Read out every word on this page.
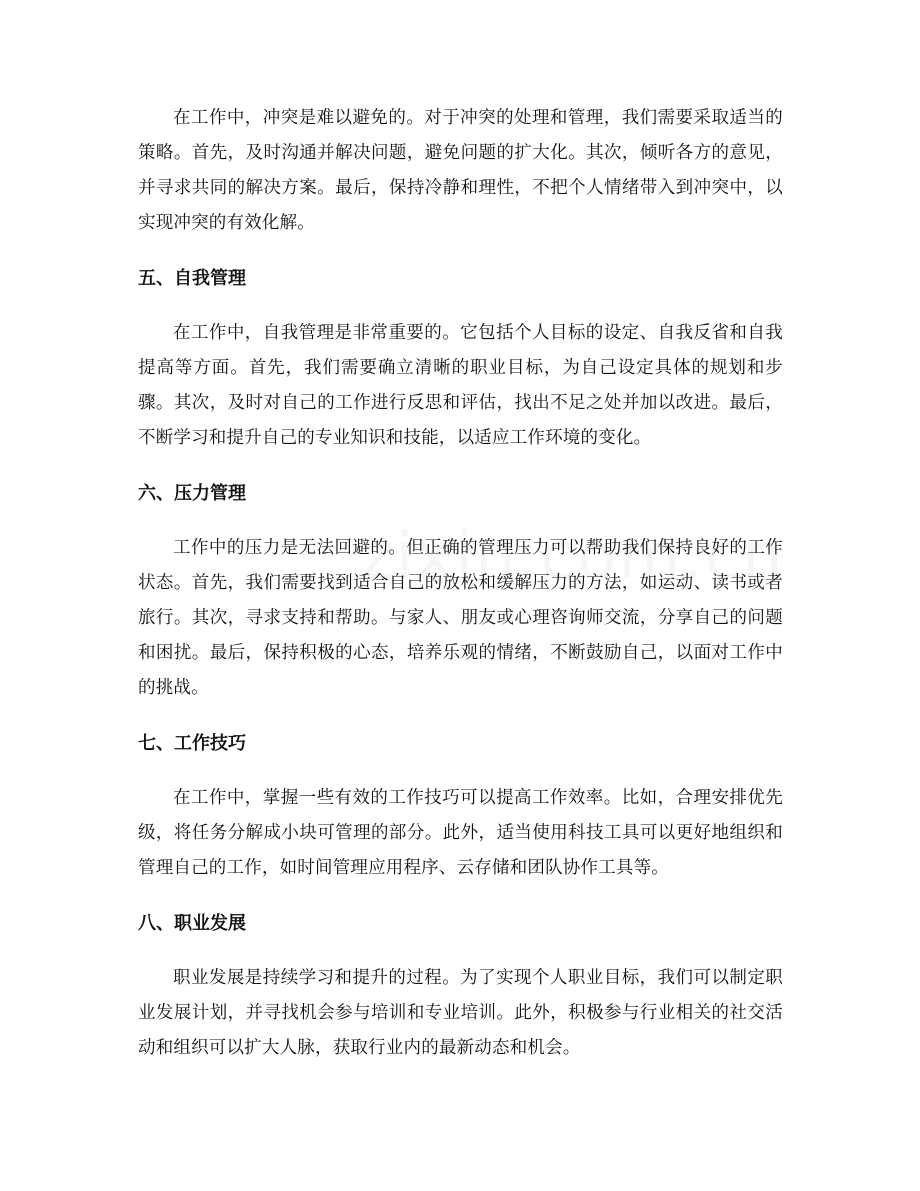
在工作中，冲突是难以避免的。对于冲突的处理和管理，我们需要采取适当的策略。首先，及时沟通并解决问题，避免问题的扩大化。其次，倾听各方的意见，并寻求共同的解决方案。最后，保持冷静和理性，不把个人情绪带入到冲突中，以实现冲突的有效化解。

五、自我管理

在工作中，自我管理是非常重要的。它包括个人目标的设定、自我反省和自我提高等方面。首先，我们需要确立清晰的职业目标，为自己设定具体的规划和步骤。其次，及时对自己的工作进行反思和评估，找出不足之处并加以改进。最后，不断学习和提升自己的专业知识和技能，以适应工作环境的变化。

六、压力管理

工作中的压力是无法回避的。但正确的管理压力可以帮助我们保持良好的工作状态。首先，我们需要找到适合自己的放松和缓解压力的方法，如运动、读书或者旅行。其次，寻求支持和帮助。与家人、朋友或心理咨询师交流，分享自己的问题和困扰。最后，保持积极的心态，培养乐观的情绪，不断鼓励自己，以面对工作中的挑战。

七、工作技巧

在工作中，掌握一些有效的工作技巧可以提高工作效率。比如，合理安排优先级，将任务分解成小块可管理的部分。此外，适当使用科技工具可以更好地组织和管理自己的工作，如时间管理应用程序、云存储和团队协作工具等。

八、职业发展

职业发展是持续学习和提升的过程。为了实现个人职业目标，我们可以制定职业发展计划，并寻找机会参与培训和专业培训。此外，积极参与行业相关的社交活动和组织可以扩大人脉，获取行业内的最新动态和机会。
